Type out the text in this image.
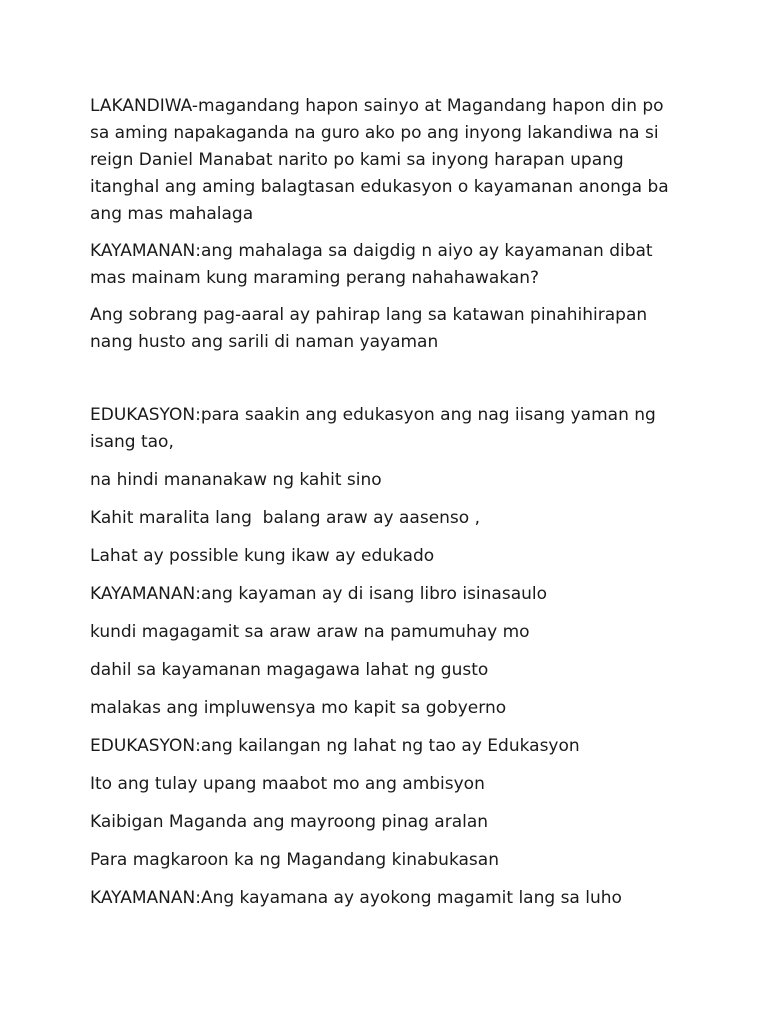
LAKANDIWA-magandang hapon sainyo at Magandang hapon din po sa aming napakaganda na guro ako po ang inyong lakandiwa na si  reign Daniel Manabat narito po kami sa inyong harapan upang itanghal ang aming balagtasan edukasyon o kayamanan anonga ba ang mas mahalaga

KAYAMANAN:ang mahalaga sa daigdig n aiyo ay kayamanan dibat mas mainam kung maraming perang nahahawakan?

Ang sobrang pag-aaral ay pahirap lang sa katawan pinahihirapan nang husto ang sarili di naman yayaman

EDUKASYON:para saakin ang edukasyon ang nag iisang yaman ng isang tao,

na hindi mananakaw ng kahit sino

Kahit maralita lang  balang araw ay aasenso ,

Lahat ay possible kung ikaw ay edukado

KAYAMANAN:ang kayaman ay di isang libro isinasaulo

kundi magagamit sa araw araw na pamumuhay mo

dahil sa kayamanan magagawa lahat ng gusto

malakas ang impluwensya mo kapit sa gobyerno

EDUKASYON:ang kailangan ng lahat ng tao ay Edukasyon

Ito ang tulay upang maabot mo ang ambisyon

Kaibigan Maganda ang mayroong pinag aralan

Para magkaroon ka ng Magandang kinabukasan

KAYAMANAN:Ang kayamana ay ayokong magamit lang sa luho
